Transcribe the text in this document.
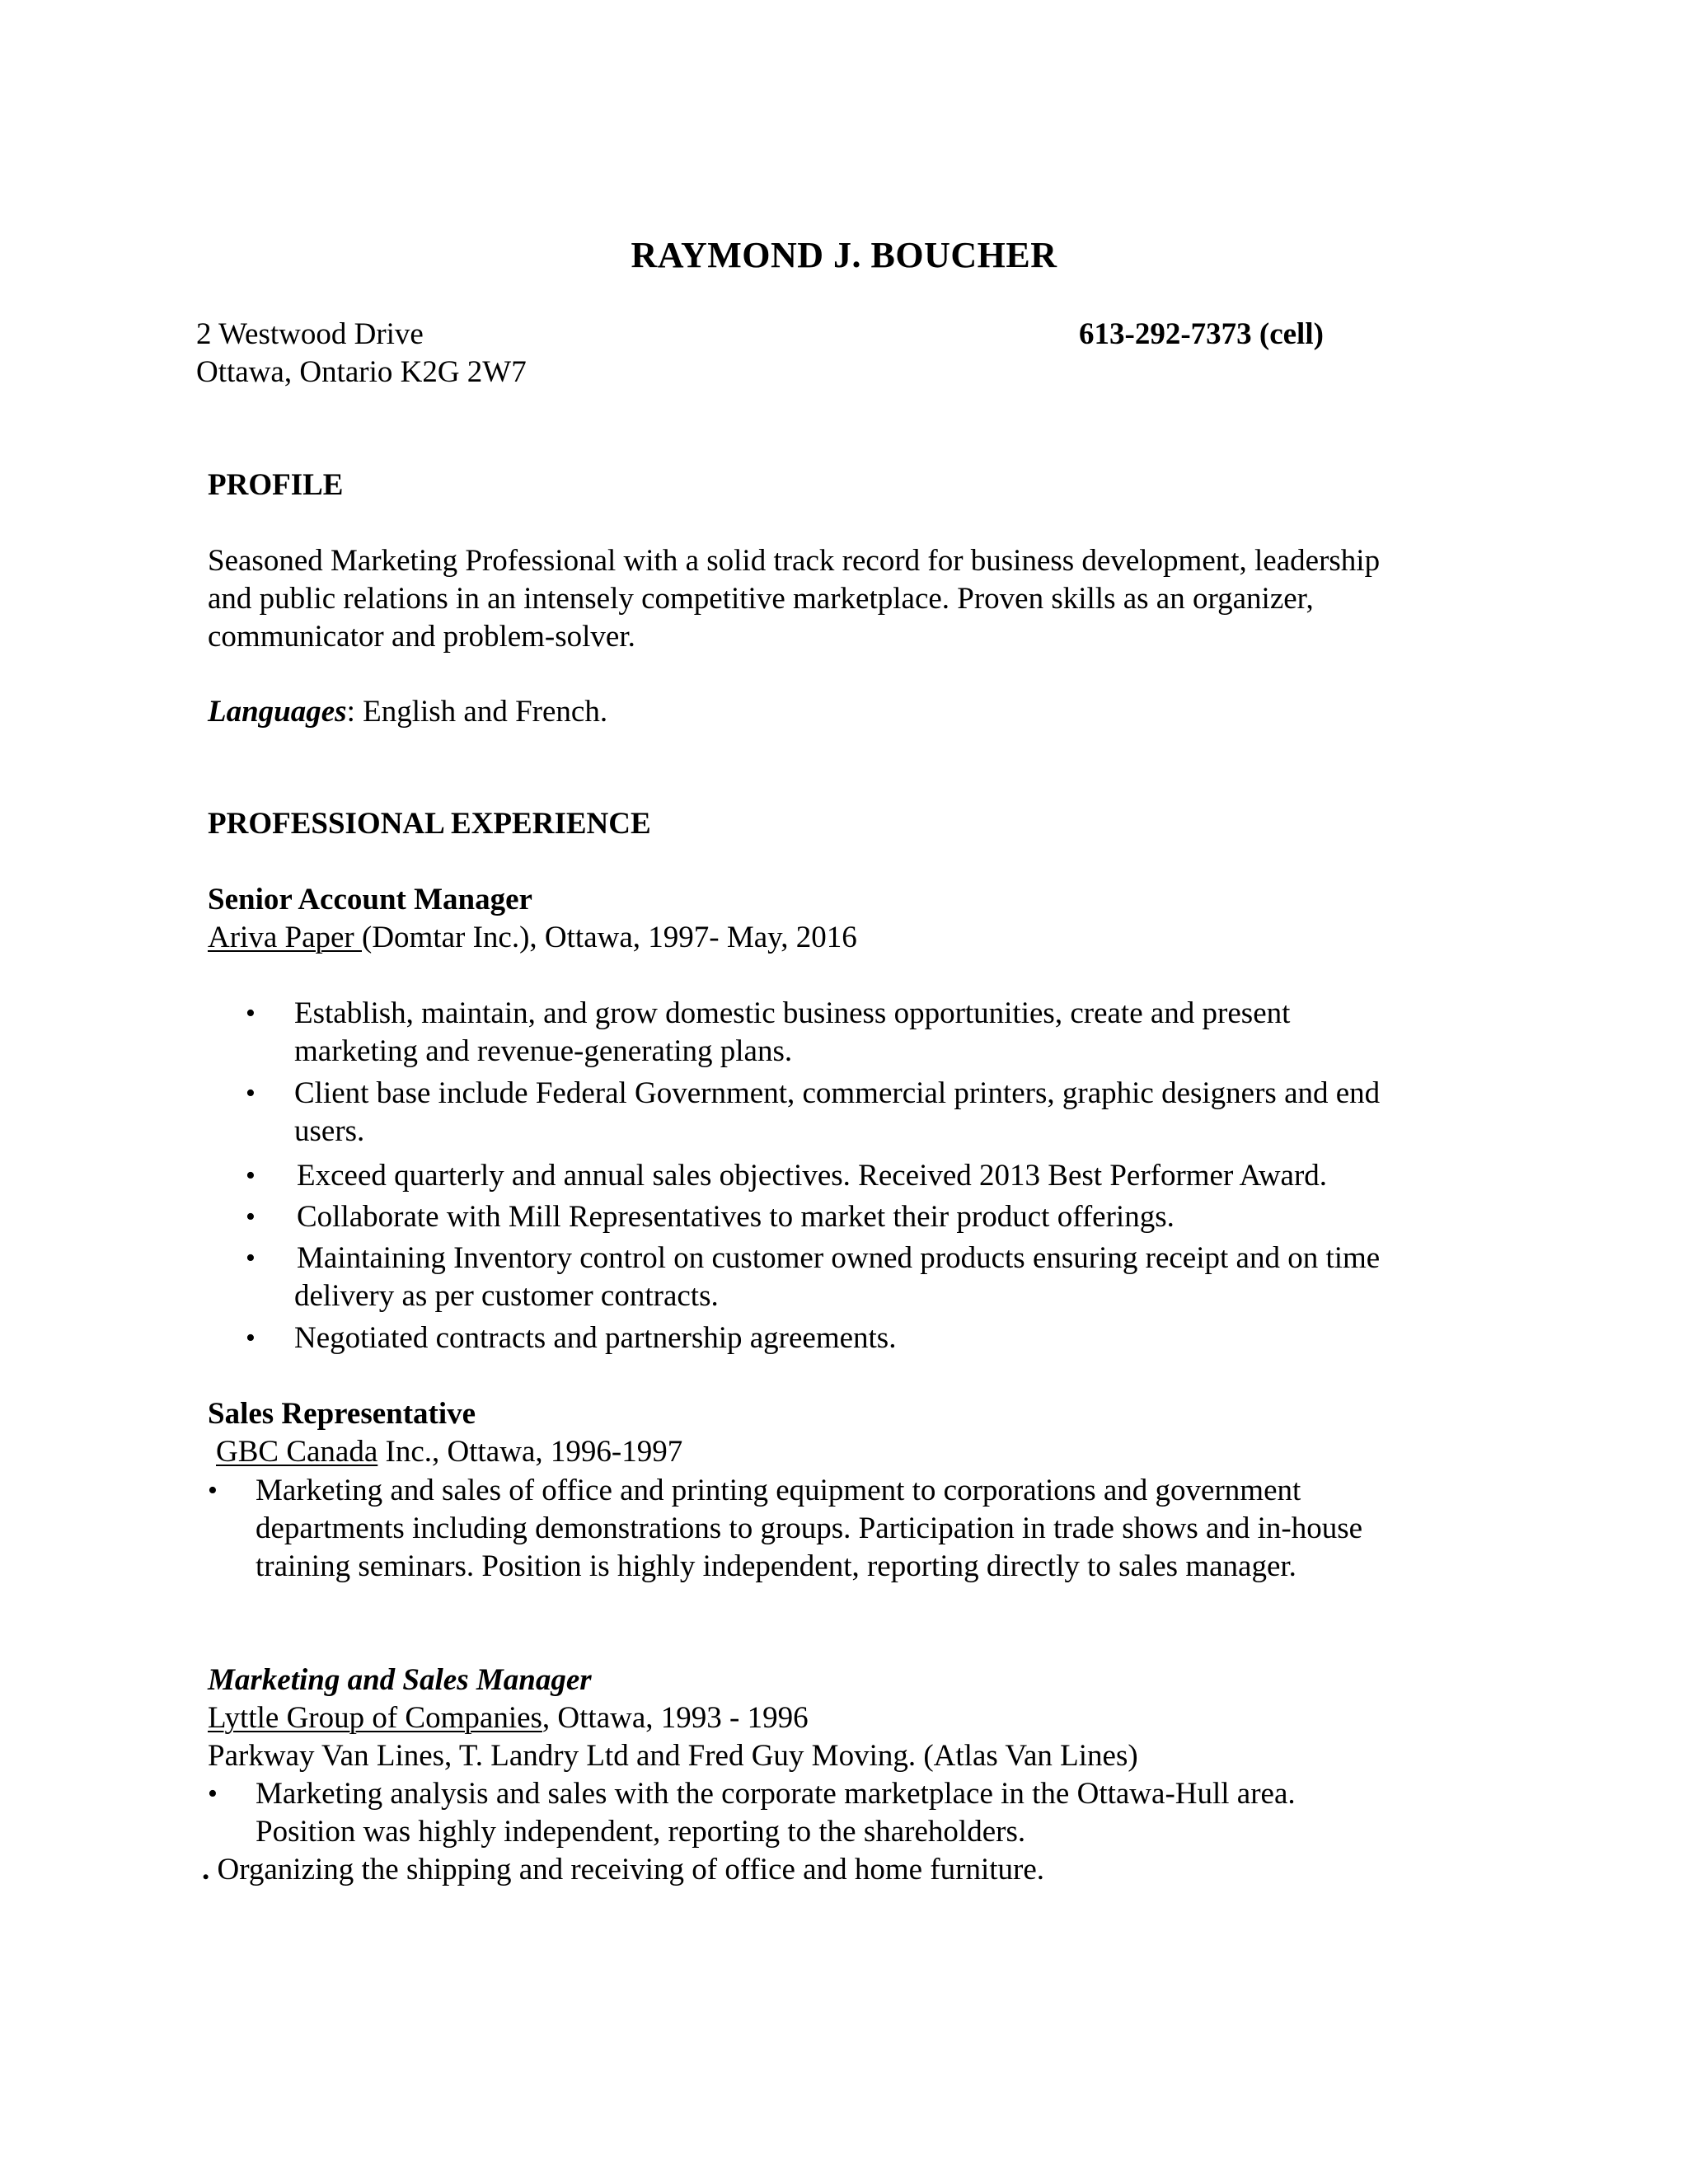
RAYMOND J. BOUCHER
2 Westwood Drive
Ottawa, Ontario K2G 2W7
613-292-7373 (cell)
PROFILE
Seasoned Marketing Professional with a solid track record for business development, leadership
and public relations in an intensely competitive marketplace. Proven skills as an organizer,
communicator and problem-solver.
Languages: English and French.
PROFESSIONAL EXPERIENCE
Senior Account Manager
Ariva Paper (Domtar Inc.), Ottawa, 1997- May, 2016
• Establish, maintain, and grow domestic business opportunities, create and present
marketing and revenue-generating plans.
• Client base include Federal Government, commercial printers, graphic designers and end
users.
• Exceed quarterly and annual sales objectives. Received 2013 Best Performer Award.
• Collaborate with Mill Representatives to market their product offerings.
• Maintaining Inventory control on customer owned products ensuring receipt and on time
delivery as per customer contracts.
• Negotiated contracts and partnership agreements.
Sales Representative
GBC Canada Inc., Ottawa, 1996-1997
• Marketing and sales of office and printing equipment to corporations and government
departments including demonstrations to groups. Participation in trade shows and in-house
training seminars. Position is highly independent, reporting directly to sales manager.
Marketing and Sales Manager
Lyttle Group of Companies, Ottawa, 1993 - 1996
Parkway Van Lines, T. Landry Ltd and Fred Guy Moving. (Atlas Van Lines)
• Marketing analysis and sales with the corporate marketplace in the Ottawa-Hull area.
Position was highly independent, reporting to the shareholders.
. Organizing the shipping and receiving of office and home furniture.
